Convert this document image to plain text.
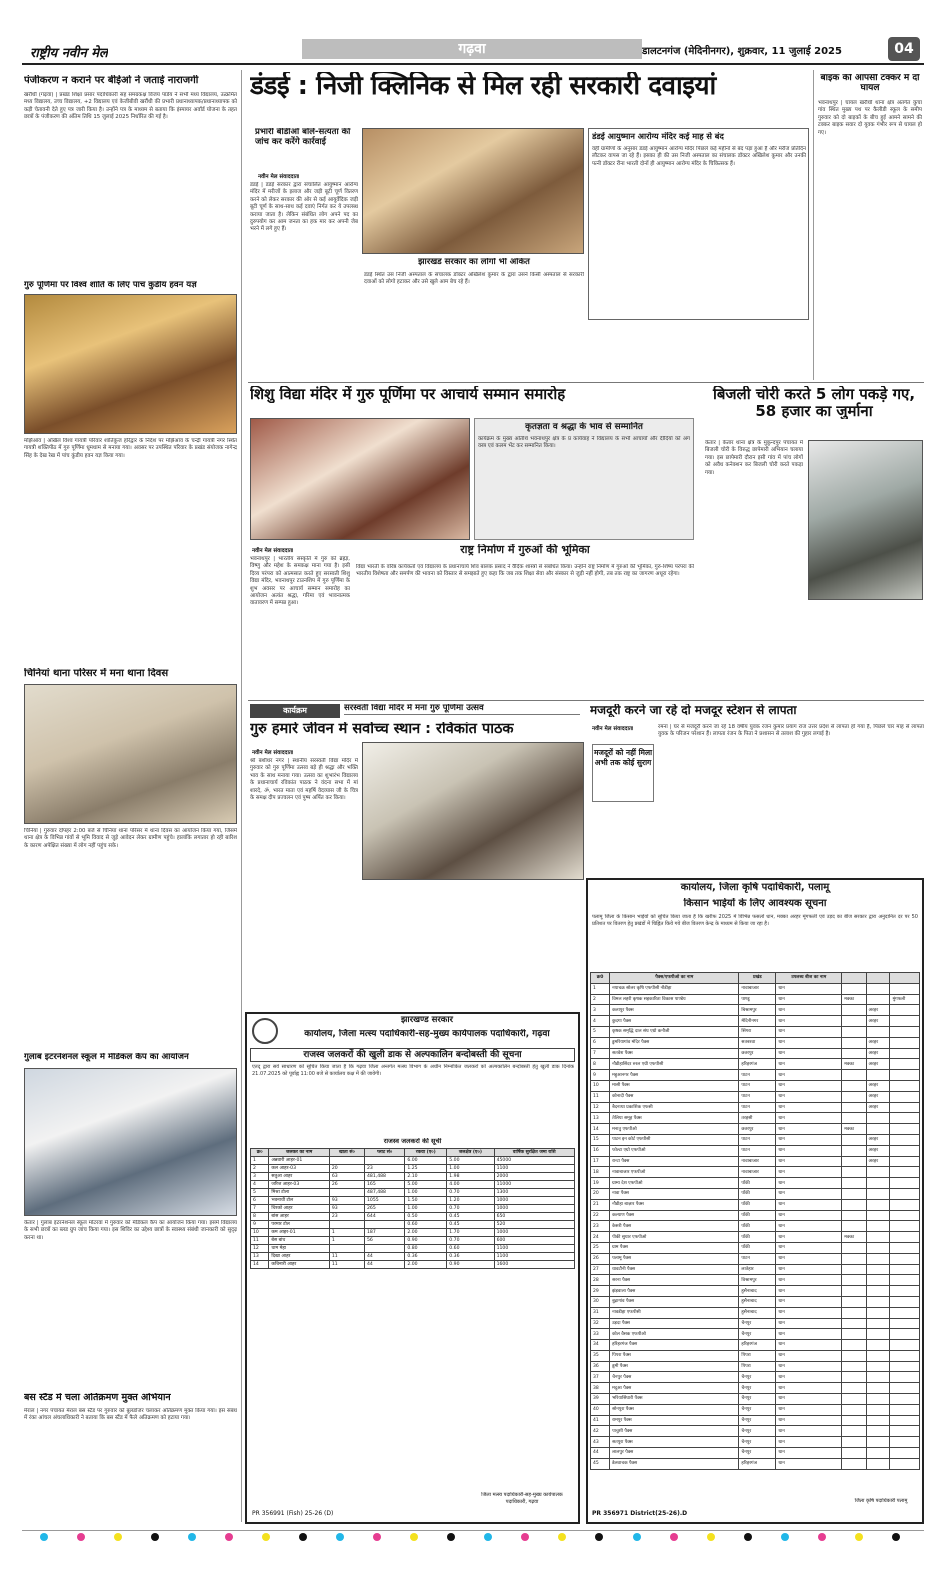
राष्ट्रीय नवीन मेल	गढ़वा	डालटनगंज (मेदिनीनगर), शुक्रवार, 11 जुलाई 2025	04
पंजीकरण न कराने पर बीईओ ने जताई नाराजगी
खरौंधी (गढ़वा) | प्रखंड शिक्षा प्रसार पदाधिकारी सह समग्रकक्ष विजय पांडेय ने सभी मध्य विद्यालय, उत्क्रमित मध्य विद्यालय, उच्च विद्यालय, +2 विद्यालय एवं केजीबीवी खरौंधी की प्रभारी प्रधानाध्यापक/प्रधानाध्यापक को कड़ी चेतावनी देते हुए पत्र जारी किया है। उन्होंने पत्र के माध्यम से बताया कि इंस्पायर अवॉर्ड योजना के तहत छात्रों के पंजीकरण की अंतिम तिथि 15 जुलाई 2025 निर्धारित की गई है।
गुरु पूर्णिमा पर विश्व शांति के लिए पांच कुंडीय हवन यज्ञ
मझिआंव | अखिल विश्व गायत्री परिवार शांतिकुंज हरिद्वार के निर्देश पर मझिआंव के चन्द्री गायत्री नगर स्थित गायत्री शक्तिपीठ में गुरु पूर्णिमा धूमधाम से मनाया गया। अवसर पर उपस्थित परिवार के प्रखंड संयोजक नागेन्द्र सिंह के देख रेख में पांच कुंडीय हवन यज्ञ किया गया।
चिनियां थाना परिसर में मना थाना दिवस
चिनियां | गुरुवार दोपहर 2:00 बजे से चिनियां थाना परिसर में थाना दिवस का आयोजन किया गया, जिसमें थाना क्षेत्र के विभिन्न गांवों से भूमि विवाद से जुड़े आवेदन लेकर ग्रामीण पहुंचे। हालांकि लगातार हो रही बारिश के कारण अपेक्षित संख्या में लोग नहीं पहुंच सके।
गुलाब इंटरनेशनल स्कूल में मेडिकल कैंप का आयोजन
केतार | गुलाब इंटरनेशनल स्कूल मोटरवा में गुरुवार को मेडिकल कैंप का आयोजन किया गया। इसमें विद्यालय के सभी छात्रों का ब्लड ग्रुप जांच किया गया। इस शिविर का उद्देश्य छात्रों के स्वास्थ्य संबंधी जानकारी को सुदृढ़ करना था।
बस स्टैंड में चला अतिक्रमण मुक्त अभियान
मेराल | नगर पंचायत मेराल बस स्टैंड पर गुरुवार को बुलडोजर चलाकर अतिक्रमण मुक्त किया गया। इस संबंध में रंका आंचल अंचलाधिकारी ने बताया कि बस स्टैंड में फैले अतिक्रमण को हटाया गया।
डंडई : निजी क्लिनिक से मिल रही सरकारी दवाइयां
प्रभारी बीडीओ बोले-सत्यता की जांच कर करेंगे कार्रवाई
नवीन मेल संवाददाता
डंडई | डंडई सरकार द्वारा संचालित आयुष्मान आरोग्य मंदिर में मरीजों के इलाज और जड़ी बूटी चूर्ण वितरण करने को लेकर सरकार की ओर से कई आयुर्वेदिक जड़ी बूटी चूर्ण के साथ-साथ कई दवाएं निर्गत कर ये उपलब्ध कराया जाता है। लेकिन संबंधित लोग अपने पद का दुरुपयोग कर आम जनता का हक मार कर अपनी जेब भरने में लगे हुए हैं।
झारखंड सरकार का लोगो भी अंकित
डंडई स्थित उस निजी अस्पताल के संचालक डॉक्टर अखिलेश कुमार के द्वारा उसने किसी अस्पताल से सरकारी दवाओं को लोगो हटाकर और उसे खुले आम बेच रहे हैं।
डंडई आयुष्मान आरोग्य मंदिर कई माह से बंद
वहीं ग्रामीणों के अनुसार डंडई आयुष्मान आरोग्य मंदिर पिछले कई महीनों से बंद पड़ा हुआ है और मरीज प्रतिदिन लौटकर वापस जा रहे हैं। इसका ही की उस निजी अस्पताल का संचालक डॉक्टर अखिलेश कुमार और उनकी पत्नी डॉक्टर रीना भारती दोनों ही आयुष्मान आरोग्य मंदिर के चिकित्सक हैं।
बाइक की आपसी टक्कर में दो घायल
भवनाथपुर | घायल खरौंधी थाना क्षेत्र अंतर्गत कुचा गांव स्थित मुख्य पथ पर कैलीडी स्कूल के समीप गुरुवार को दो बाइकों के बीच हुई आमने सामने की टक्कर बाइक सवार दो युवक गंभीर रूप से घायल हो गए।
शिशु विद्या मंदिर में गुरु पूर्णिमा पर आचार्य सम्मान समारोह
कृतज्ञता व श्रद्धा के भाव से सम्मानित
कार्यक्रम के मुख्य अतिथि भवनाथपुर क्षेत्र के प्र कार्यवाह ने विद्यालय के सभी आचार्यों और दीदियों को अंग वस्त्र एवं कलम भेंट कर सम्मानित किया।
नवीन मेल संवाददाता
भवनाथपुर | भारतीय संस्कृति में गुरु को ब्रह्मा, विष्णु और महेश के समकक्ष माना गया है। इसी दिव्य परंपरा को आत्मसात करते हुए सरस्वती शिशु विद्या मंदिर, भवनाथपुर टाउनशिप में गुरु पूर्णिमा के शुभ अवसर पर आचार्य सम्मान समारोह का आयोजन अत्यंत श्रद्धा, गरिमा एवं भावनात्मक वातावरण में सम्पन्न हुआ।
राष्ट्र निर्माण में गुरुओं की भूमिका
विद्या भारती के वरिष्ठ कार्यकर्ता एवं विद्यालय के प्रधानाचार्य शिव बालक प्रसाद ने वैदिक शास्त्रों से संबंधित किया। उन्होंने राष्ट्र निर्माण में गुरुओं की भूमिका, गुरु-शिष्य परंपरा की भारतीय विशेषता और समर्पण की भावना को विस्तार से समझाते हुए कहा कि जब तक शिक्षा सेवा और संस्कार से जुड़ी नहीं होगी, तब तक राष्ट्र का जागरण अधूरा रहेगा।
बिजली चोरी करते 5 लोग पकड़े गए, 58 हजार का जुर्माना
केतार | केतार थाना क्षेत्र के मुकुन्दपुर पंचायत में बिजली चोरी के विरुद्ध छापेमारी अभियान चलाया गया। इस छापेमारी दौरान इसी गांव में पांच लोगों को अवैध कनेक्शन कर बिजली चोरी करते पकड़ा गया।
कार्यक्रम	सरस्वती विद्या मंदिर में मना गुरु पूर्णिमा उत्सव
गुरु हमारे जीवन में सर्वोच्च स्थान : रविकांत पाठक
नवीन मेल संवाददाता
श्री बंशीधर नगर | स्थानीय सरस्वती विद्या मंदिर में गुरुवार को गुरु पूर्णिमा उत्सव बड़े ही श्रद्धा और भक्ति भाव के साथ मनाया गया। उत्सव का शुभारंभ विद्यालय के प्रधानाचार्य रविकांत पाठक ने वंदना सभा में मां शारदे, ॐ, भारत माता एवं महर्षि वेदव्यास जी के चित्र के समक्ष दीप प्रज्वलन एवं पुष्प अर्पित कर किया।
मजदूरी करने जा रहे दो मजदूर स्टेशन से लापता
मजदूरों को नहीं मिला अभी तक कोई सुराग
नवीन मेल संवाददाता	रमना | घर से मजदूरी करने जा रहे 18 वर्षीय युवक रंजन कुमार प्रयाग राज उत्तर प्रदेश से लापता हो गया है, पिछले चार माह से लापता युवक के परिजन परेशान हैं। लापता रंजन के पिता ने प्रशासन से तलाश की गुहार लगाई है।
झारखण्ड सरकार
कार्यालय, जिला मत्स्य पदाधिकारी-सह-मुख्य कार्यपालक पदाधिकारी, गढ़वा
राजस्व जलकरों की खुली डाक से अल्पकालिन बन्दोबस्ती की सूचना
एतद् द्वारा सर्व साधारण को सूचित किया जाता है कि गढ़वा जिला अन्तर्गत मत्स्य विभाग के अधीन निम्नांकित जलकरों को अल्पकालिन बन्दोबस्ती हेतु खुली डाक दिनांक 21.07.2025 को पूर्वाह्न 11:00 बजे से कार्यालय कक्ष में की जायेगी।
राजस्व जलकरों की सूची
क्र०	जलकर का नाम	खाता सं०	प्लाट सं०	रकवा (ए०)	जलक्षेत्र (ए०)	वार्षिक सुरक्षित जमा राशि
1	अन्नवारी आहर-01			6.00	5.00	45000
2	कल आहर-03	20	23	1.25	1.00	1100
3	सतुआ आहर	63	481,488	2.10	1.98	2000
4	जरिज आहर-03	26	165	5.00	4.00	11000
5	मिश्रा टोला		487,488	1.00	0.70	1300
6	भवनाथी टोल	93	1055	1.50	1.20	1000
7	चिरको आहर	93	265	1.00	0.70	1000
8	बांस आहर	23	644	0.50	0.45	650
9	परमार टोल			0.60	0.45	520
10	कम आहर-01	1	187	2.00	1.70	1000
11	बेस बांध	1	56	0.90	0.70	600
12	धाम मेहा			0.80	0.60	1100
13	दिखा आहर	11	44	0.36	0.36	1100
14	कचिनारी आहर	11	44	2.00	0.90	1600
जिला मत्स्य पदाधिकारी-सह-मुख्य कार्यपालक पदाधिकारी, गढ़वा
PR 356991 (Fish) 25-26 (D)
कार्यालय, जिला कृषि पदाधिकारी, पलामू
किसान भाईयों के लिए आवश्यक सूचना
पलामू जिला के किसान भाईयों को सूचित किया जाता है कि खरीफ 2025 में विभिन्न फसलों धान, मक्का अरहर मूंगफली एवं उड़द का बीज सरकार द्वारा अनुदानित दर पर 50 प्रतिशत पर वितरण हेतु प्रखंडों में चिह्नित किये गये बीज वितरण केन्द्र के माध्यम से किया जा रहा है।
क्र0	पैक्स/एफपीओ का नाम	प्रखंड	उपलब्ध बीज का नाम			
1	नयाचक्र सोलर कृषि एफपीसी नौडीहा	नावाबाजार	धान			
2	विमल लहरी कृषक सहकारिता विकास पाण्डेय	पाण्डू	धान	मक्का		मुंगफली
3	कलापुर पैक्स	बिश्रामपुर	धान		अरहर	
4	कुदगा पैक्स	मेदिनीनगर	धान		अरहर	
5	कृषक समृद्धि दाल संघ एग्रो कनौजी	सिंगरा	धान			
6	डुमरियागांव मंदिर पैक्स	सतबरवा	धान		अरहर	
7	सतवेश पैक्स	छतरपुर	धान		अरहर	
8	नौडीहासिंदर रुरल एग्री एफपीसी	हरिहरगंज	धान	मक्का	अरहर	
9	महुआनगर पैक्स	पाटन	धान			
10	मासी पैक्स	पाटन	धान		अरहर	
11	कोनादी पैक्स	पाटन	धान		अरहर	
12	बैदनाथा प्रकाशिक एफसी	पाटन	धान		अरहर	
13	तेलिया समूह पैक्स	तरहसी	धान			
14	मनातु एफपीओ	छतरपुर	धान	मक्का		
15	पाटन इन कोर्ट एफपीसी	पाटन	धान		अरहर	
16	फोल्टा एग्रो एफपीओ	पाटन	धान		अरहर	
17	रान्टा पैक्स	नावाबाजार	धान		अरहर	
18	नावाबाजार एफपीओ	नावाबाजार	धान			
19	ग्राम्य देश एफपीओ	पाँकी	धान			
20	नावा पैक्स	पाँकी	धान			
21	नौडीहा बाज़ार पैक्स	पाँकी	धान			
22	कल्याण पैक्स	पाँकी	धान			
23	केसरी पैक्स	पाँकी	धान			
24	पीकी सुधार एफपीओ	पाँकी	धान	मक्का		
25	ग्राम पैक्स	पाँकी	धान			
26	पलामू पैक्स	पाटन	धान			
27	धावटौनी पैक्स	लातेहार	धान			
28	सरना पैक्स	विश्रामपुर	धान			
29	झंड़वाला पैक्स	हुसैनाबाद	धान			
30	बुढ़ागांव पैक्स	हुसैनाबाद	धान			
31	नावडीहा एफपीसी	हुसैनाबाद	धान			
32	उड़दा पैक्स	चैनपुर	धान			
33	कोल वैसक एफपीओ	चैनपुर	धान			
34	हरिहरगंज पैक्स	हरिहरगंज	धान			
35	पिपरा पैक्स	पिपरा	धान			
36	डूमी पैक्स	पिपरा	धान			
37	चैनपुर पैक्स	चैनपुर	धान			
38	मदुआ पैक्स	चैनपुर	धान			
39	भरियासिंघारी पैक्स	चैनपुर	धान			
40	सोनपुरा पैक्स	चैनपुर	धान			
41	रामपुर पैक्स	चैनपुर	धान			
42	पाचुशी पैक्स	चैनपुर	धान			
43	सतपुरा पैक्स	चैनपुर	धान			
44	लालपुर पैक्स	चैनपुर	धान			
45	डेलवाचक पैक्स	हरिहरगंज	धान			
जिला कृषि पदाधिकारी पलामू
PR 356971 District(25-26).D
